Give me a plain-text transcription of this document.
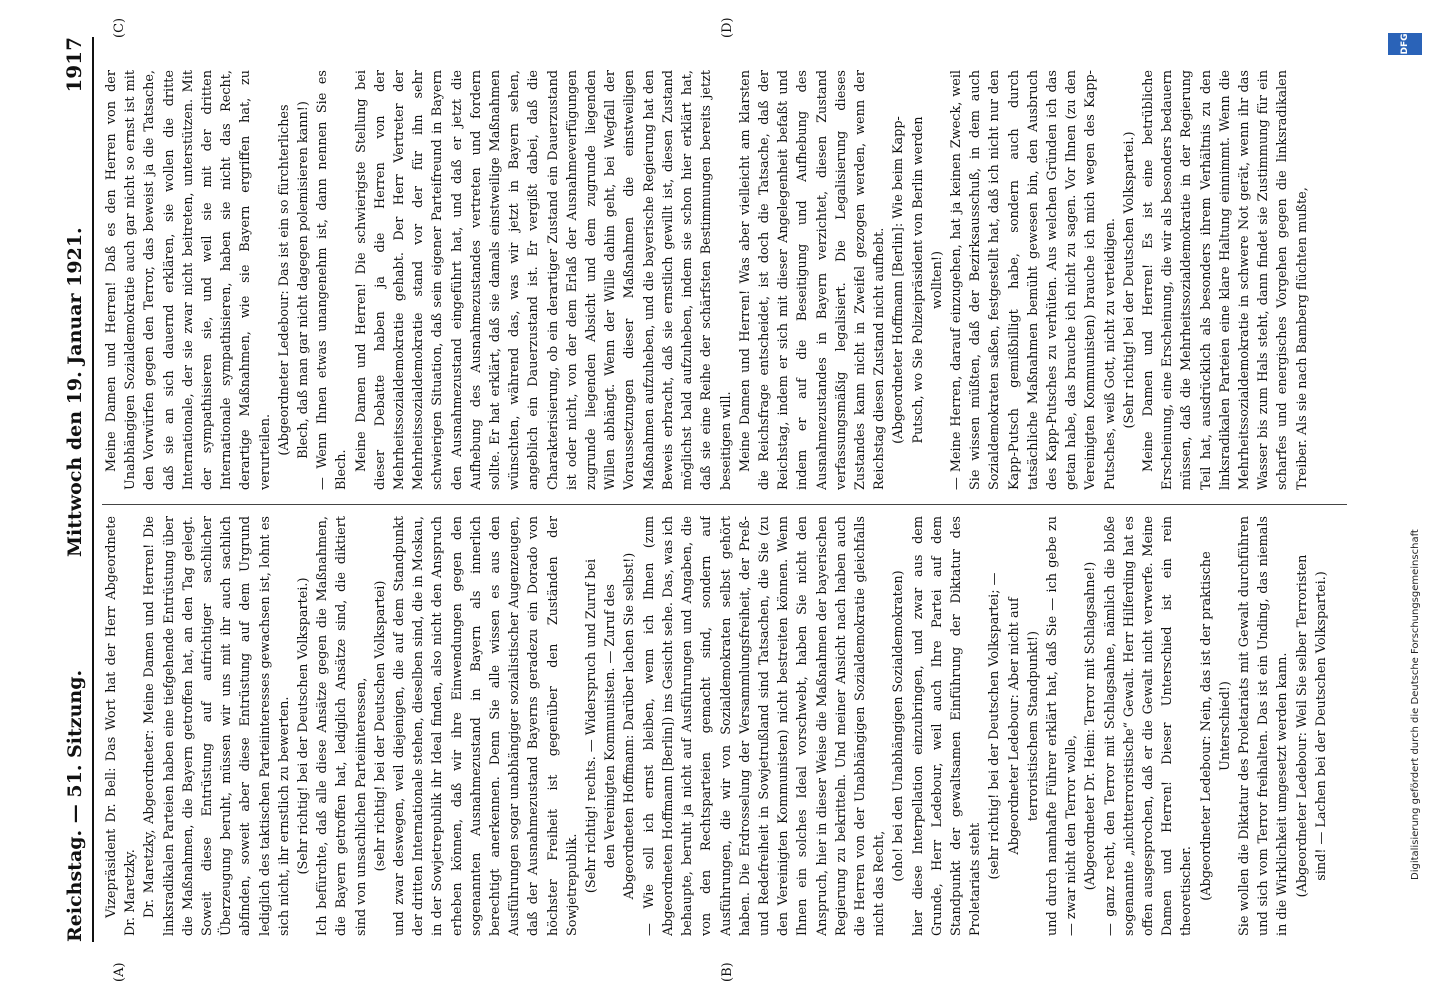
Reichstag. — 51. Sitzung.
Mittwoch den 19. Januar 1921.
1917
(A)	(B)
(C)	(D)

Vizepräsident Dr. Bell: Das Wort hat der Herr Abgeordnete Dr. Maretzky. Dr. Maretzky, Abgeordneter: Meine Damen und Herren! Die linksradikalen Parteien haben eine tiefgehende Entrüstung über die Maßnahmen, die Bayern getroffen hat, an den Tag gelegt. Soweit diese Entrüstung auf aufrichtiger sachlicher Überzeugung beruht, müssen wir uns mit ihr auch sachlich abfinden, soweit aber diese Entrüstung auf dem Urgrund lediglich des taktischen Parteiinteresses gewachsen ist, lohnt es sich nicht, ihr ernstlich zu bewerten. (Sehr richtig! bei der Deutschen Volkspartei.) Ich befürchte, daß alle diese Ansätze gegen die Maßnahmen, die Bayern getroffen hat, lediglich Ansätze sind, die diktiert sind von unsachlichen Parteiinteressen, (sehr richtig! bei der Deutschen Volkspartei) und zwar deswegen, weil diejenigen, die auf dem Standpunkt der dritten Internationale stehen, dieselben sind, die in Moskau, in der Sowjetrepublik ihr Ideal finden, also nicht den Anspruch erheben können, daß wir ihre Einwendungen gegen den sogenannten Ausnahmezustand in Bayern als innerlich berechtigt anerkennen. Denn Sie alle wissen es aus den Ausführungen sogar unabhängiger sozialistischer Augenzeugen, daß der Ausnahmezustand Bayerns geradezu ein Dorado von höchster Freiheit ist gegenüber den Zuständen der Sowjetrepublik. (Sehr richtig! rechts. — Widerspruch und Zuruf bei den Vereinigten Kommunisten. — Zuruf des Abgeordneten Hoffmann: Darüber lachen Sie selbst!) — Wie soll ich ernst bleiben, wenn ich Ihnen (zum Abgeordneten Hoffmann [Berlin]) ins Gesicht sehe. Das, was ich behaupte, beruht ja nicht auf Ausführungen und Angaben, die von den Rechtsparteien gemacht sind, sondern auf Ausführungen, die wir von Sozialdemokraten selbst gehört haben. Die Erdrosselung der Versammlungsfreiheit, der Preß- und Redefreiheit in Sowjetrußland sind Tatsachen, die Sie (zu den Vereinigten Kommunisten) nicht bestreiten können. Wenn Ihnen ein solches Ideal vorschwebt, haben Sie nicht den Anspruch, hier in dieser Weise die Maßnahmen der bayerischen Regierung zu bekritteln. Und meiner Ansicht nach haben auch die Herren von der Unabhängigen Sozialdemokratie gleichfalls nicht das Recht,

(oho! bei den Unabhängigen Sozialdemokraten) hier diese Interpellation einzubringen, und zwar aus dem Grunde, Herr Ledebour, weil auch Ihre Partei auf dem Standpunkt der gewaltsamen Einführung der Diktatur des Proletariats steht (sehr richtig! bei der Deutschen Volkspartei; — Abgeordneter Ledebour: Aber nicht auf terroristischem Standpunkt!) und durch namhafte Führer erklärt hat, daß Sie — ich gebe zu — zwar nicht den Terror wolle, (Abgeordneter Dr. Heim: Terror mit Schlagsahne!) — ganz recht, den Terror mit Schlagsahne, nämlich die bloße sogenannte „nichtterroristische“ Gewalt. Herr Hilferding hat es offen ausgesprochen, daß er die Gewalt nicht verwerfe. Meine Damen und Herren! Dieser Unterschied ist ein rein theoretischer. (Abgeordneter Ledebour: Nein, das ist der praktische Unterschied!) Sie wollen die Diktatur des Proletariats mit Gewalt durchführen und sich vom Terror freihalten. Das ist ein Unding, das niemals in die Wirklichkeit umgesetzt werden kann. (Abgeordneter Ledebour: Weil Sie selber Terroristen sind! — Lachen bei der Deutschen Volkspartei.)

Meine Damen und Herren! Daß es den Herren von der Unabhängigen Sozialdemokratie auch gar nicht so ernst ist mit den Vorwürfen gegen den Terror, das beweist ja die Tatsache, daß sie an sich dauernd erklären, sie wollen die dritte Internationale, der sie zwar nicht beitreten, unterstützen. Mit der sympathisieren sie, und weil sie mit der dritten Internationale sympathisieren, haben sie nicht das Recht, derartige Maßnahmen, wie sie Bayern ergriffen hat, zu verurteilen. (Abgeordneter Ledebour: Das ist ein so fürchterliches Blech, daß man gar nicht dagegen polemisieren kann!) — Wenn Ihnen etwas unangenehm ist, dann nennen Sie es Blech. Meine Damen und Herren! Die schwierigste Stellung bei dieser Debatte haben ja die Herren von der Mehrheitssozialdemokratie gehabt. Der Herr Vertreter der Mehrheitssozialdemokratie stand vor der für ihn sehr schwierigen Situation, daß sein eigener Parteifreund in Bayern den Ausnahmezustand eingeführt hat, und daß er jetzt die Aufhebung des Ausnahmezustandes vertreten und fordern sollte. Er hat erklärt, daß sie damals einstweilige Maßnahmen wünschten, während das, was wir jetzt in Bayern sehen, angeblich ein Dauerzustand ist. Er vergißt dabei, daß die Charakterisierung, ob ein derartiger Zustand ein Dauerzustand ist oder nicht, von der dem Erlaß der Ausnahmeverfügungen zugrunde liegenden Absicht und dem zugrunde liegenden Willen abhängt. Wenn der Wille dahin geht, bei Wegfall der Voraussetzungen dieser Maßnahmen die einstweiligen Maßnahmen aufzuheben, und die bayerische Regierung hat den Beweis erbracht, daß sie ernstlich gewillt ist, diesen Zustand möglichst bald aufzuheben, indem sie schon hier erklärt hat, daß sie eine Reihe der schärfsten Bestimmungen bereits jetzt beseitigen will. Meine Damen und Herren! Was aber vielleicht am klarsten die Reichsfrage entscheidet, ist doch die Tatsache, daß der Reichstag, indem er sich mit dieser Angelegenheit befaßt und indem er auf die Beseitigung und Aufhebung des Ausnahmezustandes in Bayern verzichtet, diesen Zustand verfassungsmäßig legalisiert. Die Legalisierung dieses Zustandes kann nicht in Zweifel gezogen werden, wenn der Reichstag diesen Zustand nicht aufhebt. (Abgeordneter Hoffmann [Berlin]: Wie beim Kapp-Putsch, wo Sie Polizeipräsident von Berlin werden wollten!) — Meine Herren, darauf einzugehen, hat ja keinen Zweck, weil Sie wissen müßten, daß der Bezirksausschuß, in dem auch Sozialdemokraten saßen, festgestellt hat, daß ich nicht nur den Kapp-Putsch gemißbilligt habe, sondern auch durch tatsächliche Maßnahmen bemüht gewesen bin, den Ausbruch des Kapp-Putsches zu verhüten. Aus welchen Gründen ich das getan habe, das brauche ich nicht zu sagen. Vor Ihnen (zu den Vereinigten Kommunisten) brauche ich mich wegen des Kapp-Putsches, weiß Gott, nicht zu verteidigen. (Sehr richtig! bei der Deutschen Volkspartei.) Meine Damen und Herren! Es ist eine betrübliche Erscheinung, eine Erscheinung, die wir als besonders bedauern müssen, daß die Mehrheitssozialdemokratie in der Regierung Teil hat, ausdrücklich als besonders ihrem Verhältnis zu den linksradikalen Parteien eine klare Haltung einnimmt. Wenn die Mehrheitssozialdemokratie in schwere Not gerät, wenn ihr das Wasser bis zum Hals steht, dann findet sie Zustimmung für ein scharfes und energisches Vorgehen gegen die linksradikalen Treiber. Als sie nach Bamberg flüchten mußte,

DFG
Digitalisierung gefördert durch die Deutsche Forschungsgemeinschaft
